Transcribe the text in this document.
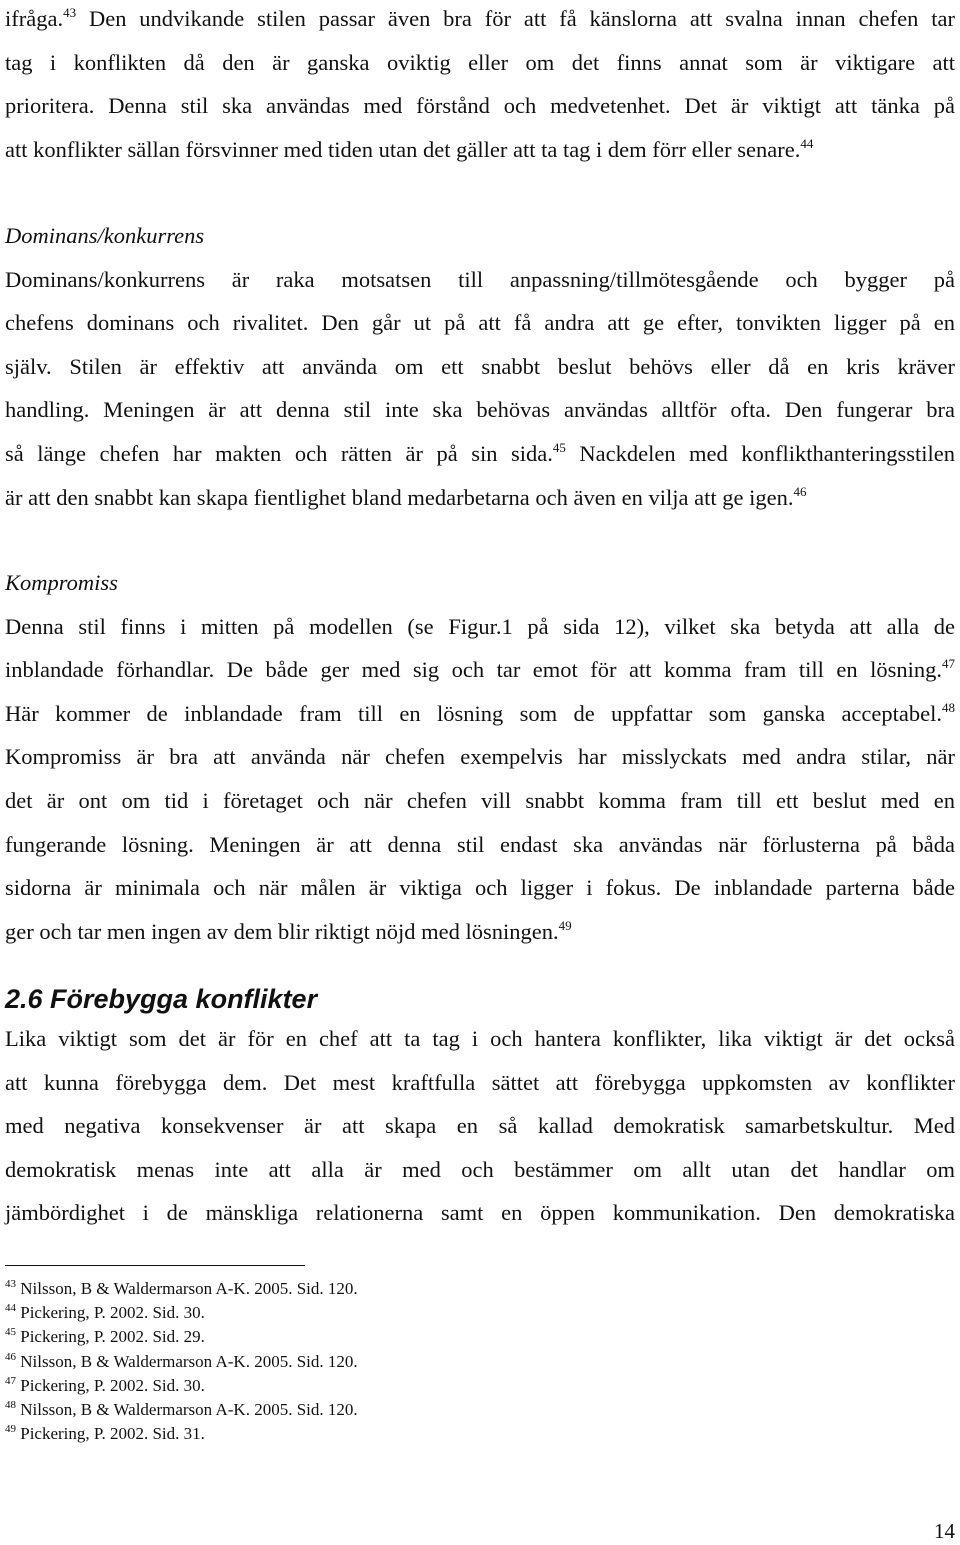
ifråga.$^{43}$ Den undvikande stilen passar även bra för att få känslorna att svalna innan chefen tar
tag i konflikten då den är ganska oviktig eller om det finns annat som är viktigare att
prioritera. Denna stil ska användas med förstånd och medvetenhet. Det är viktigt att tänka på
att konflikter sällan försvinner med tiden utan det gäller att ta tag i dem förr eller senare.$^{44}$

Dominans/konkurrens

Dominans/konkurrens är raka motsatsen till anpassning/tillmötesgående och bygger på
chefens dominans och rivalitet. Den går ut på att få andra att ge efter, tonvikten ligger på en
själv. Stilen är effektiv att använda om ett snabbt beslut behövs eller då en kris kräver
handling. Meningen är att denna stil inte ska behövas användas alltför ofta. Den fungerar bra
så länge chefen har makten och rätten är på sin sida.$^{45}$ Nackdelen med konflikthanteringsstilen
är att den snabbt kan skapa fientlighet bland medarbetarna och även en vilja att ge igen.$^{46}$

Kompromiss

Denna stil finns i mitten på modellen (se Figur.1 på sida 12), vilket ska betyda att alla de
inblandade förhandlar. De både ger med sig och tar emot för att komma fram till en lösning.$^{47}$
Här kommer de inblandade fram till en lösning som de uppfattar som ganska acceptabel.$^{48}$
Kompromiss är bra att använda när chefen exempelvis har misslyckats med andra stilar, när
det är ont om tid i företaget och när chefen vill snabbt komma fram till ett beslut med en
fungerande lösning. Meningen är att denna stil endast ska användas när förlusterna på båda
sidorna är minimala och när målen är viktiga och ligger i fokus. De inblandade parterna både
ger och tar men ingen av dem blir riktigt nöjd med lösningen.$^{49}$

2.6 Förebygga konflikter

Lika viktigt som det är för en chef att ta tag i och hantera konflikter, lika viktigt är det också
att kunna förebygga dem. Det mest kraftfulla sättet att förebygga uppkomsten av konflikter
med negativa konsekvenser är att skapa en så kallad demokratisk samarbetskultur. Med
demokratisk menas inte att alla är med och bestämmer om allt utan det handlar om
jämbördighet i de mänskliga relationerna samt en öppen kommunikation. Den demokratiska
$^{43}$ Nilsson, B & Waldermarson A-K. 2005. Sid. 120.
$^{44}$ Pickering, P. 2002. Sid. 30.
$^{45}$ Pickering, P. 2002. Sid. 29.
$^{46}$ Nilsson, B & Waldermarson A-K. 2005. Sid. 120.
$^{47}$ Pickering, P. 2002. Sid. 30.
$^{48}$ Nilsson, B & Waldermarson A-K. 2005. Sid. 120.
$^{49}$ Pickering, P. 2002. Sid. 31.
14
